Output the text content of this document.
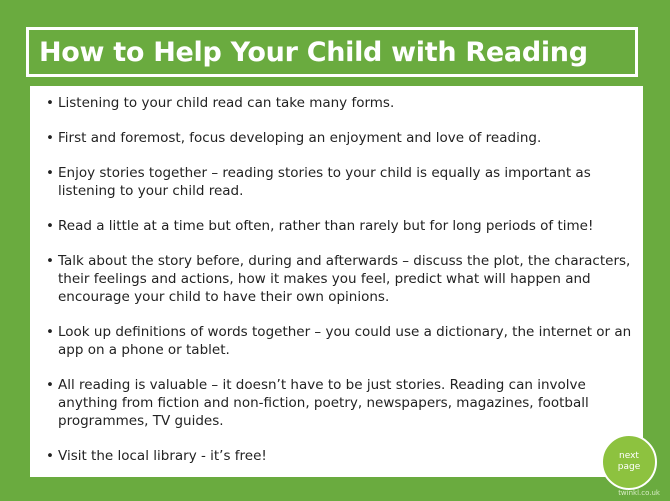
How to Help Your Child with Reading
• Listening to your child read can take many forms.
• First and foremost, focus developing an enjoyment and love of reading.
• Enjoy stories together – reading stories to your child is equally as important as listening to your child read.
• Read a little at a time but often, rather than rarely but for long periods of time!
• Talk about the story before, during and afterwards – discuss the plot, the characters, their feelings and actions, how it makes you feel, predict what will happen and encourage your child to have their own opinions.
• Look up definitions of words together – you could use a dictionary, the internet or an app on a phone or tablet.
• All reading is valuable – it doesn’t have to be just stories. Reading can involve anything from fiction and non-fiction, poetry, newspapers, magazines, football programmes, TV guides.
• Visit the local library - it’s free!	next
page
twinkl.co.uk
